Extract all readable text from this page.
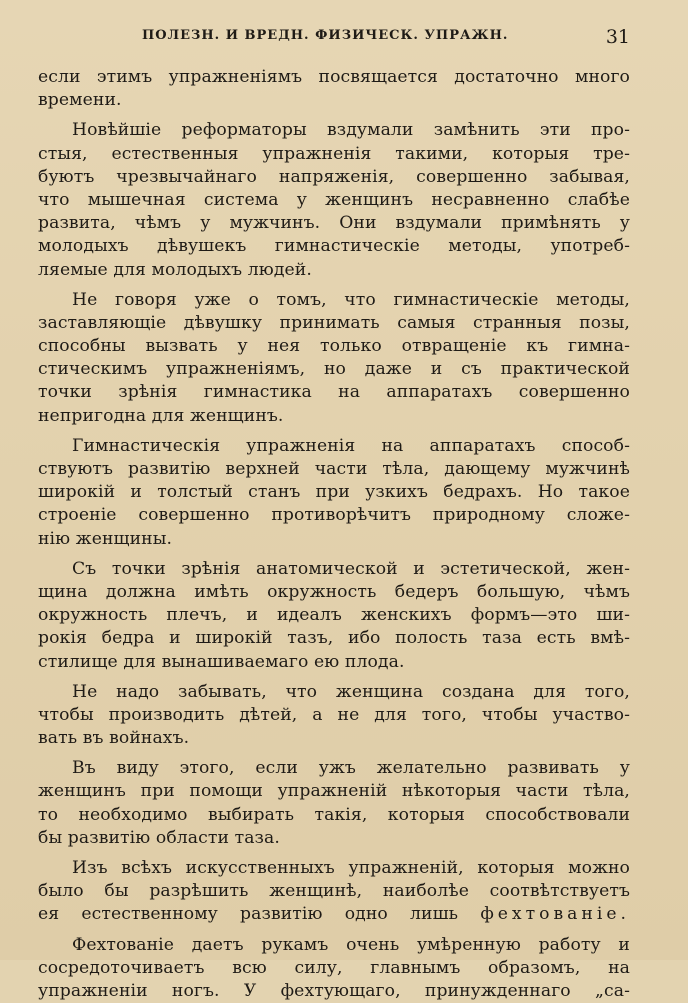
ПОЛЕЗН. И ВРЕДН. ФИЗИЧЕСК. УПРАЖН.	31
если этимъ упражненіямъ посвящается достаточно много
времени.
Новѣйшіе реформаторы вздумали замѣнить эти про-
стыя, естественныя упражненія такими, которыя тре-
буютъ чрезвычайнаго напряженія, совершенно забывая,
что мышечная система у женщинъ несравненно слабѣе
развита, чѣмъ у мужчинъ. Они вздумали примѣнять у
молодыхъ дѣвушекъ гимнастическіе методы, употреб-
ляемые для молодыхъ людей.
Не говоря уже о томъ, что гимнастическіе методы,
заставляющіе дѣвушку принимать самыя странныя позы,
способны вызвать у нея только отвращеніе къ гимна-
стическимъ упражненіямъ, но даже и съ практической
точки зрѣнія гимнастика на аппаратахъ совершенно
непригодна для женщинъ.
Гимнастическія упражненія на аппаратахъ способ-
ствуютъ развитію верхней части тѣла, дающему мужчинѣ
широкій и толстый станъ при узкихъ бедрахъ. Но такое
строеніе совершенно противорѣчитъ природному сложе-
нію женщины.
Съ точки зрѣнія анатомической и эстетической, жен-
щина должна имѣть окружность бедеръ большую, чѣмъ
окружность плечъ, и идеалъ женскихъ формъ—это ши-
рокія бедра и широкій тазъ, ибо полость таза есть вмѣ-
стилище для вынашиваемаго ею плода.
Не надо забывать, что женщина создана для того,
чтобы производить дѣтей, а не для того, чтобы участво-
вать въ войнахъ.
Въ виду этого, если ужъ желательно развивать у
женщинъ при помощи упражненій нѣкоторыя части тѣла,
то необходимо выбирать такія, которыя способствовали
бы развитію области таза.
Изъ всѣхъ искусственныхъ упражненій, которыя можно
было бы разрѣшить женщинѣ, наиболѣе соотвѣтствуетъ
ея естественному развитію одно лишь фехтованіе.
Фехтованіе даетъ рукамъ очень умѣренную работу и
сосредоточиваетъ всю силу, главнымъ образомъ, на
упражненіи ногъ. У фехтующаго, принужденнаго „са-
